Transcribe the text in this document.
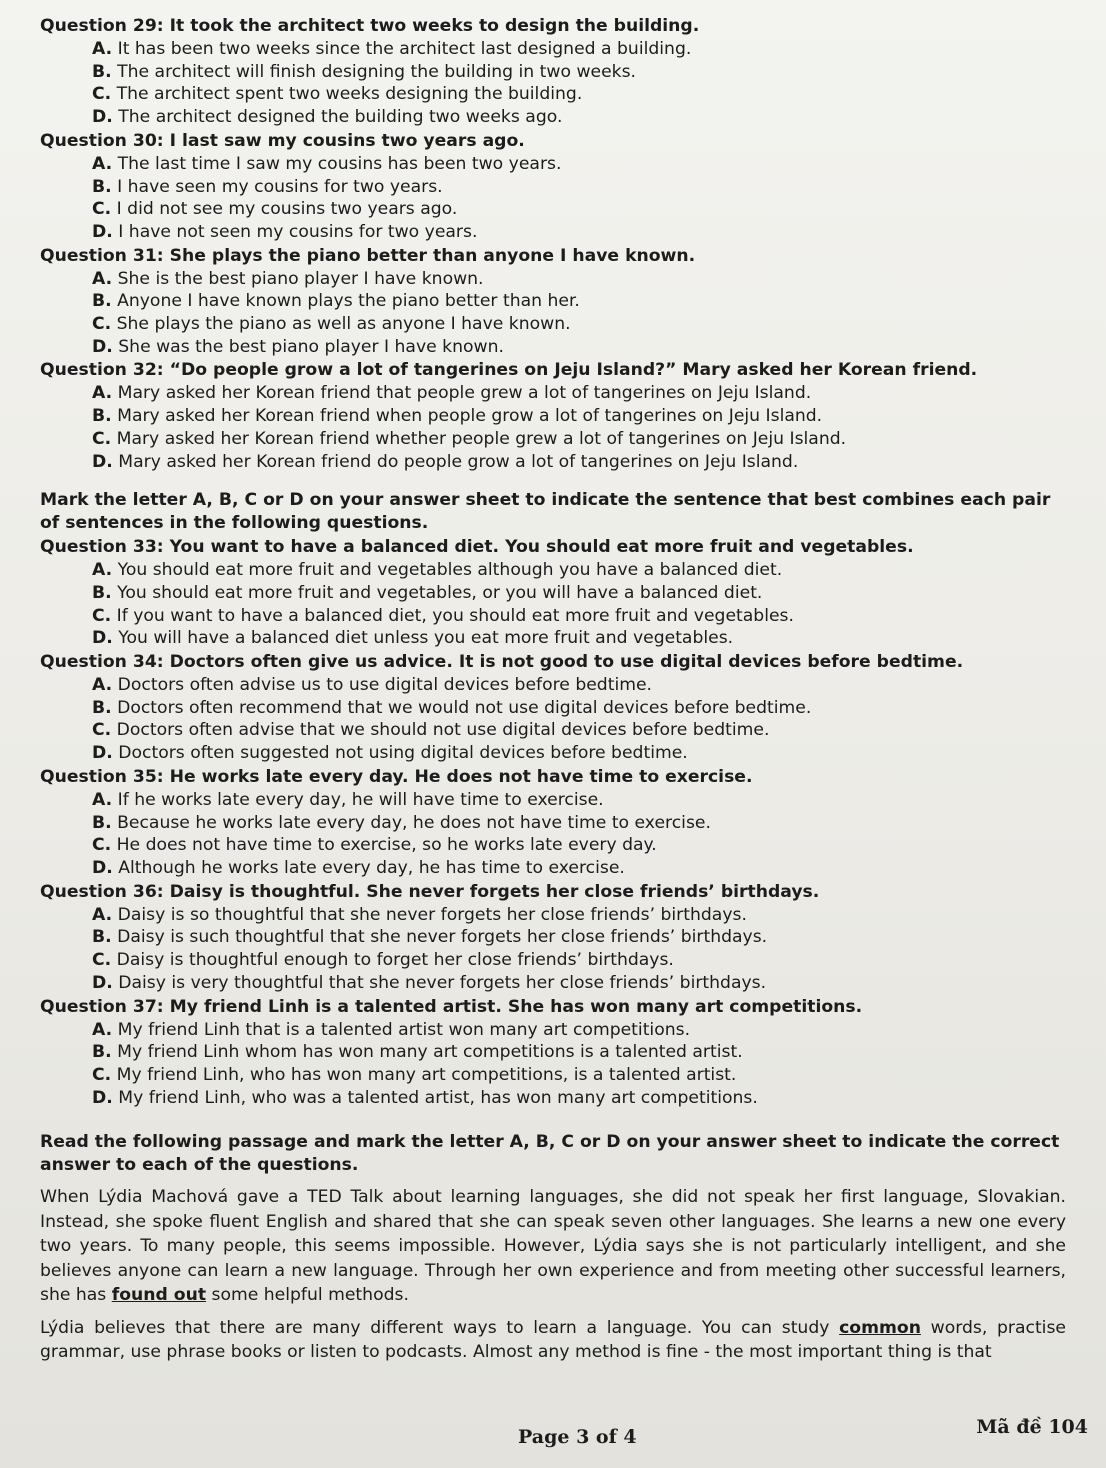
Question 29: It took the architect two weeks to design the building.
A. It has been two weeks since the architect last designed a building.
B. The architect will finish designing the building in two weeks.
C. The architect spent two weeks designing the building.
D. The architect designed the building two weeks ago.
Question 30: I last saw my cousins two years ago.
A. The last time I saw my cousins has been two years.
B. I have seen my cousins for two years.
C. I did not see my cousins two years ago.
D. I have not seen my cousins for two years.
Question 31: She plays the piano better than anyone I have known.
A. She is the best piano player I have known.
B. Anyone I have known plays the piano better than her.
C. She plays the piano as well as anyone I have known.
D. She was the best piano player I have known.
Question 32: “Do people grow a lot of tangerines on Jeju Island?” Mary asked her Korean friend.
A. Mary asked her Korean friend that people grew a lot of tangerines on Jeju Island.
B. Mary asked her Korean friend when people grow a lot of tangerines on Jeju Island.
C. Mary asked her Korean friend whether people grew a lot of tangerines on Jeju Island.
D. Mary asked her Korean friend do people grow a lot of tangerines on Jeju Island.
Mark the letter A, B, C or D on your answer sheet to indicate the sentence that best combines each pair of sentences in the following questions.
Question 33: You want to have a balanced diet. You should eat more fruit and vegetables.
A. You should eat more fruit and vegetables although you have a balanced diet.
B. You should eat more fruit and vegetables, or you will have a balanced diet.
C. If you want to have a balanced diet, you should eat more fruit and vegetables.
D. You will have a balanced diet unless you eat more fruit and vegetables.
Question 34: Doctors often give us advice. It is not good to use digital devices before bedtime.
A. Doctors often advise us to use digital devices before bedtime.
B. Doctors often recommend that we would not use digital devices before bedtime.
C. Doctors often advise that we should not use digital devices before bedtime.
D. Doctors often suggested not using digital devices before bedtime.
Question 35: He works late every day. He does not have time to exercise.
A. If he works late every day, he will have time to exercise.
B. Because he works late every day, he does not have time to exercise.
C. He does not have time to exercise, so he works late every day.
D. Although he works late every day, he has time to exercise.
Question 36: Daisy is thoughtful. She never forgets her close friends’ birthdays.
A. Daisy is so thoughtful that she never forgets her close friends’ birthdays.
B. Daisy is such thoughtful that she never forgets her close friends’ birthdays.
C. Daisy is thoughtful enough to forget her close friends’ birthdays.
D. Daisy is very thoughtful that she never forgets her close friends’ birthdays.
Question 37: My friend Linh is a talented artist. She has won many art competitions.
A. My friend Linh that is a talented artist won many art competitions.
B. My friend Linh whom has won many art competitions is a talented artist.
C. My friend Linh, who has won many art competitions, is a talented artist.
D. My friend Linh, who was a talented artist, has won many art competitions.
Read the following passage and mark the letter A, B, C or D on your answer sheet to indicate the correct answer to each of the questions.

When Lýdia Machová gave a TED Talk about learning languages, she did not speak her first language, Slovakian. Instead, she spoke fluent English and shared that she can speak seven other languages. She learns a new one every two years. To many people, this seems impossible. However, Lýdia says she is not particularly intelligent, and she believes anyone can learn a new language. Through her own experience and from meeting other successful learners, she has found out some helpful methods.

Lýdia believes that there are many different ways to learn a language. You can study common words, practise grammar, use phrase books or listen to podcasts. Almost any method is fine - the most important thing is that

Page 3 of 4	Mã đề 104
